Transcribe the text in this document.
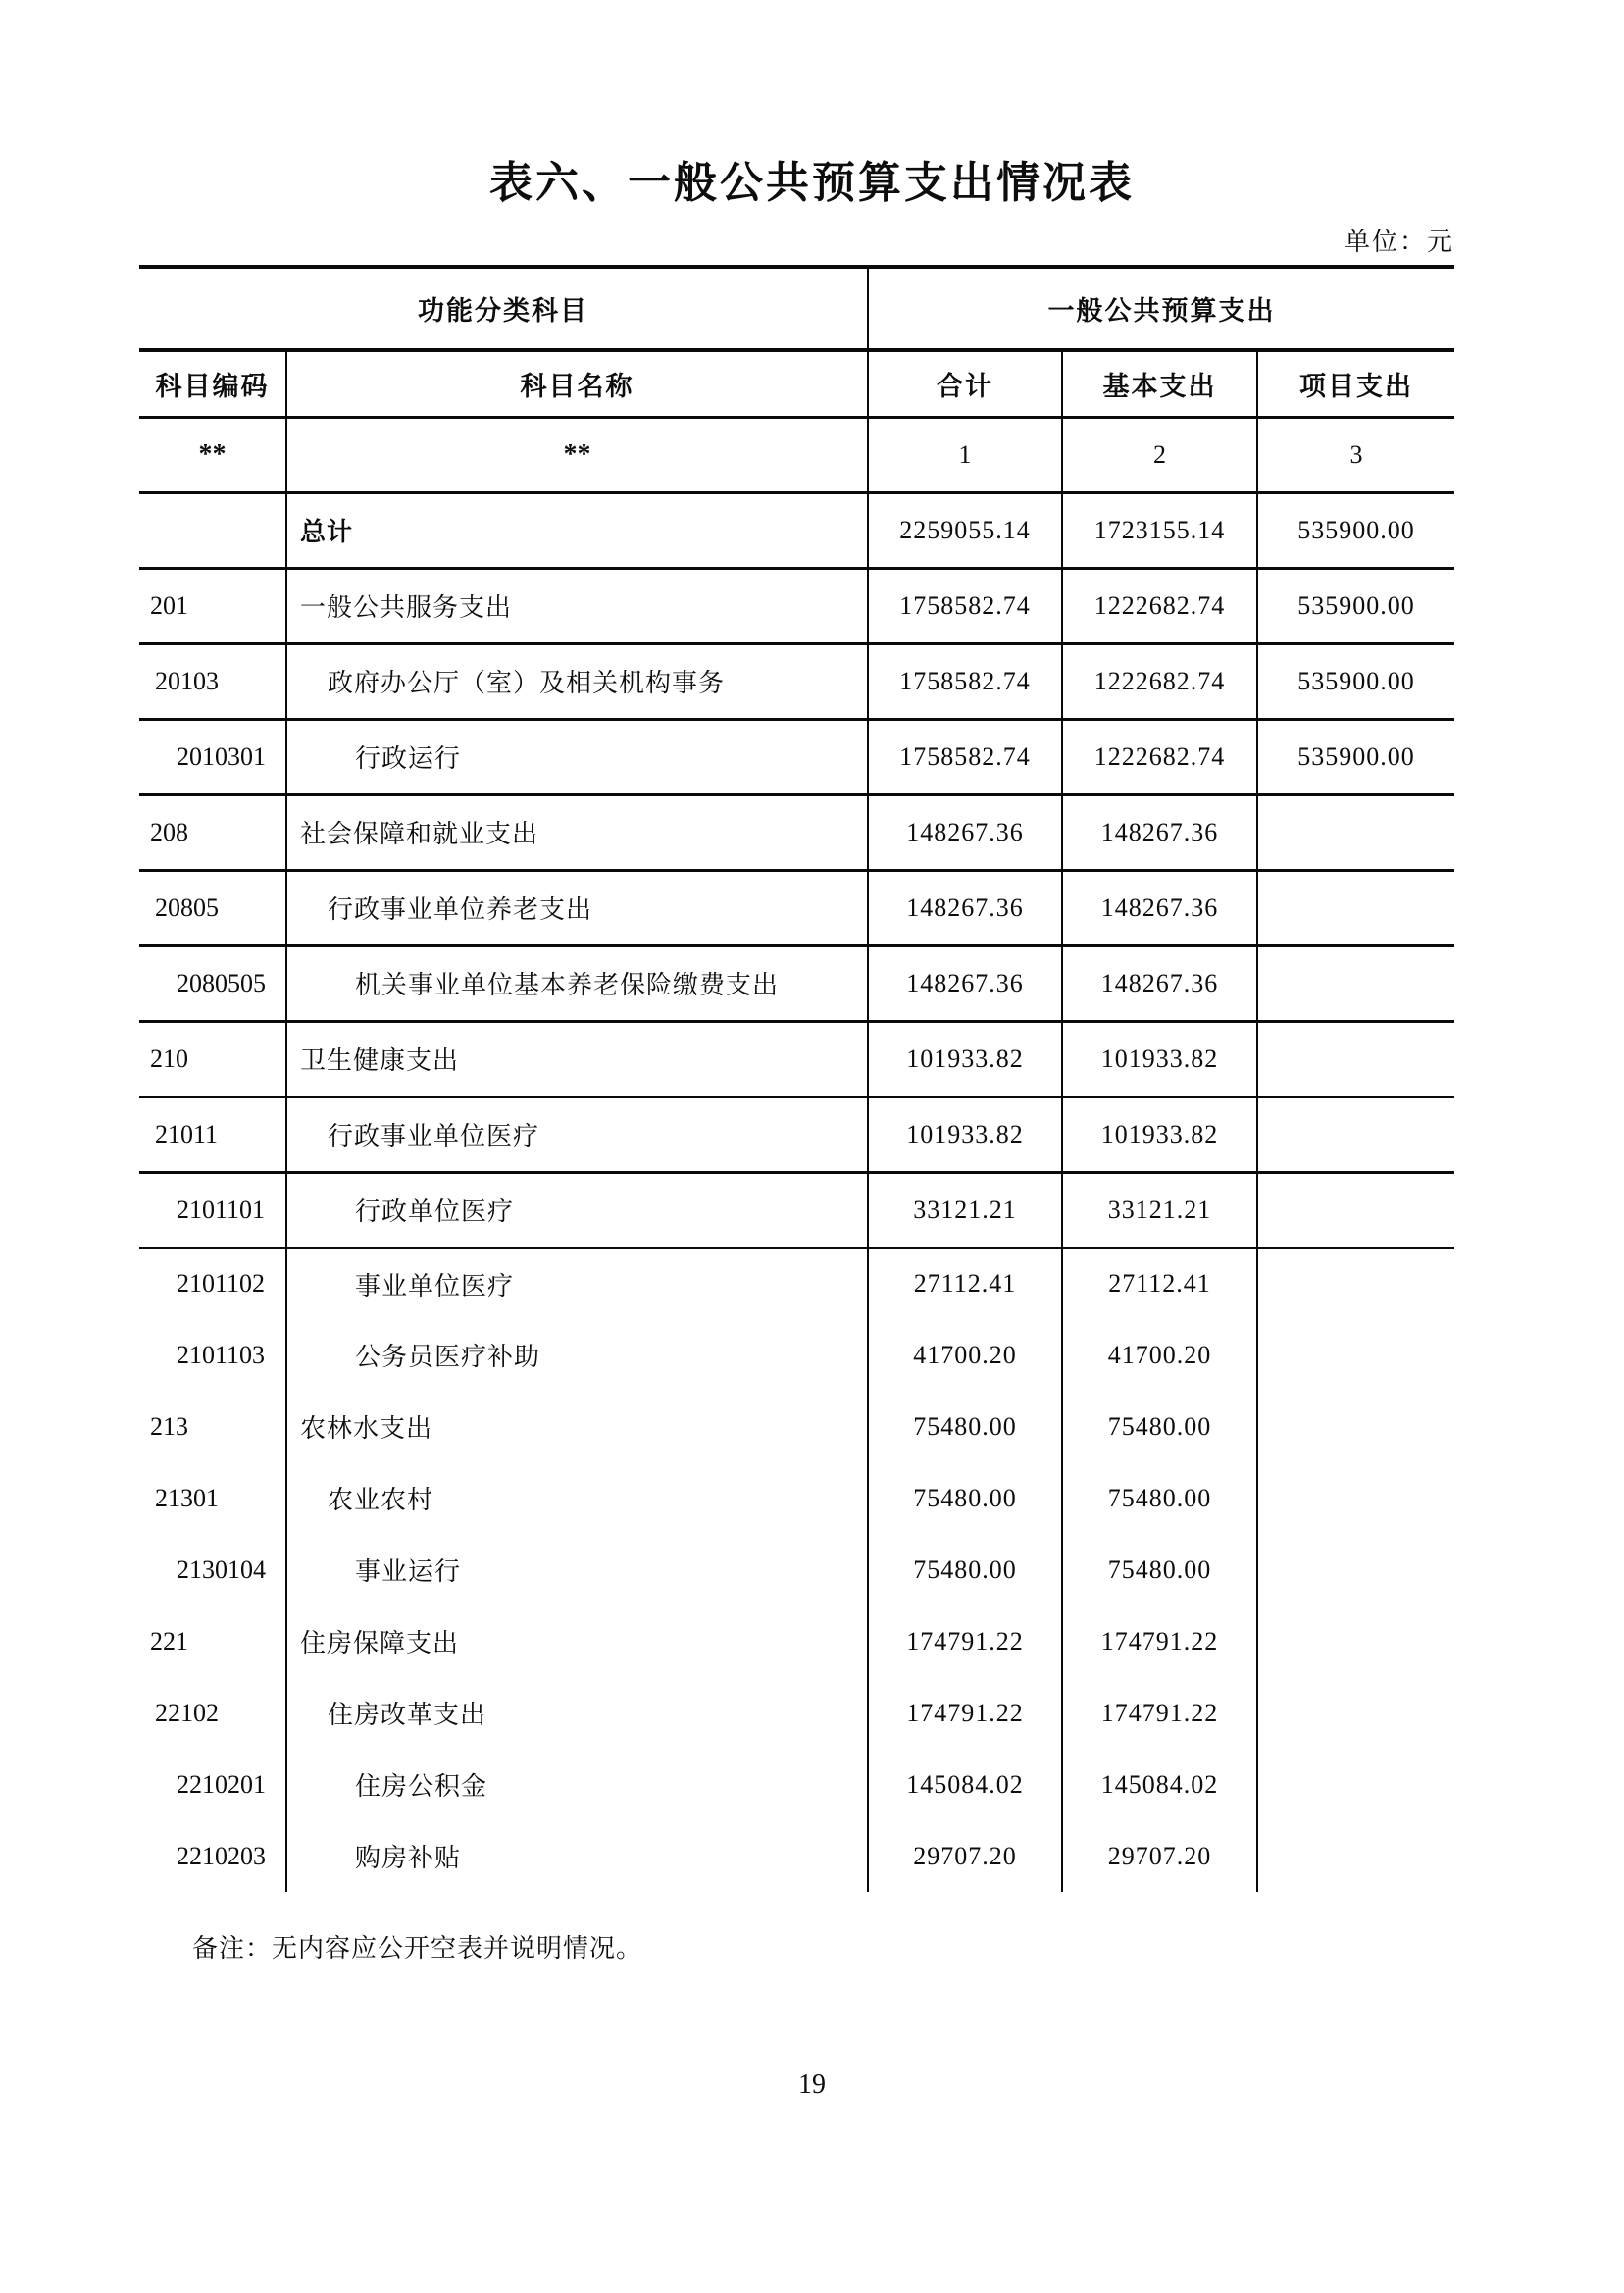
表六、一般公共预算支出情况表
单位：元
功能分类科目		一般公共预算支出		
科目编码	科目名称	合计	基本支出	项目支出
**	**	1	2	3
	总计	2259055.14	1723155.14	535900.00
201	一般公共服务支出	1758582.74	1222682.74	535900.00
20103	政府办公厅（室）及相关机构事务	1758582.74	1222682.74	535900.00
2010301	行政运行	1758582.74	1222682.74	535900.00
208	社会保障和就业支出	148267.36	148267.36	
20805	行政事业单位养老支出	148267.36	148267.36	
2080505	机关事业单位基本养老保险缴费支出	148267.36	148267.36	
210	卫生健康支出	101933.82	101933.82	
21011	行政事业单位医疗	101933.82	101933.82	
2101101	行政单位医疗	33121.21	33121.21	
2101102	事业单位医疗	27112.41	27112.41	
2101103	公务员医疗补助	41700.20	41700.20	
213	农林水支出	75480.00	75480.00	
21301	农业农村	75480.00	75480.00	
2130104	事业运行	75480.00	75480.00	
221	住房保障支出	174791.22	174791.22	
22102	住房改革支出	174791.22	174791.22	
2210201	住房公积金	145084.02	145084.02	
2210203	购房补贴	29707.20	29707.20	
备注：无内容应公开空表并说明情况。
19
